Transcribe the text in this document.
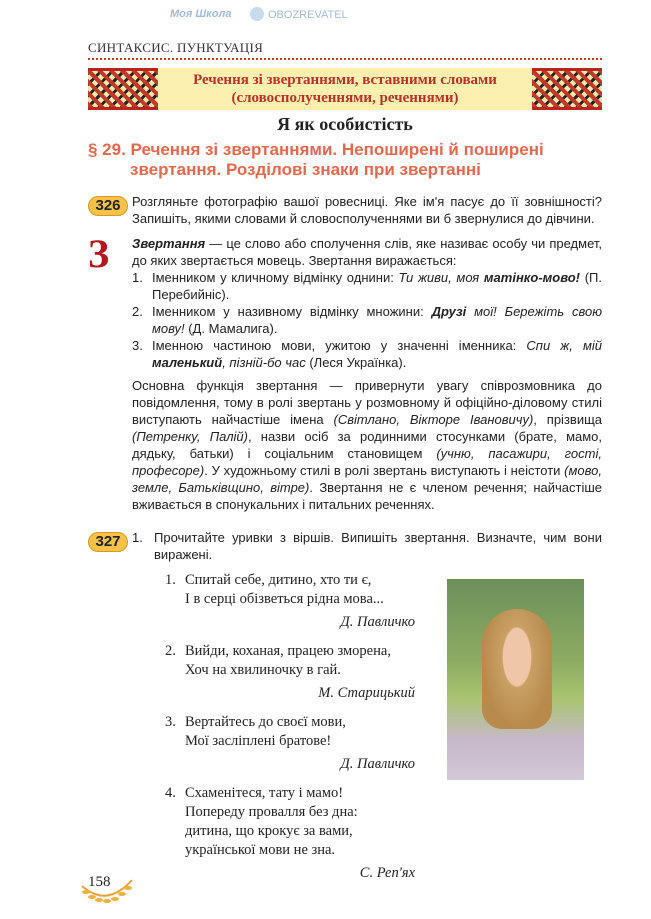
Моя Школа	OBOZREVATEL
СИНТАКСИС. ПУНКТУАЦІЯ
Речення зі звертаннями, вставними словами
(словосполученнями, реченнями)
Я як особистість
§ 29. Речення зі звертаннями. Непоширені й поширені
звертання. Розділові знаки при звертанні
326 Розгляньте фотографію вашої ровесниці. Яке ім'я пасує до її зовнішності? Запишіть, якими словами й словосполученнями ви б звернулися до дівчини.
З	Звертання — це слово або сполучення слів, яке називає особу чи предмет, до яких звертається мовець. Звертання виражається:
1. Іменником у кличному відмінку однини: Ти живи, моя матінко-мово! (П. Перебийніс).
2. Іменником у називному відмінку множини: Друзі мої! Бережіть свою мову! (Д. Мамалига).
3. Іменною частиною мови, ужитою у значенні іменника: Спи ж, мій маленький, пізній-бо час (Леся Українка).
Основна функція звертання — привернути увагу співрозмовника до повідомлення, тому в ролі звертань у розмовному й офіційно-діловому стилі виступають найчастіше імена (Світлано, Вікторе Івановичу), прізвища (Петренку, Палій), назви осіб за родинними стосунками (брате, мамо, дядьку, батьки) і соціальним становищем (учню, пасажири, гості, професоре). У художньому стилі в ролі звертань виступають і неістоти (мово, земле, Батьківщино, вітре). Звертання не є членом речення; найчастіше вживається в спонукальних і питальних реченнях.
327 1. Прочитайте уривки з віршів. Випишіть звертання. Визначте, чим вони виражені.
1. Спитай себе, дитино, хто ти є,
І в серці обізветься рідна мова...
Д. Павличко
2. Вийди, коханая, працею зморена,
Хоч на хвилиночку в гай.
М. Старицький
3. Вертайтесь до своєї мови,
Мої засліплені братове!
Д. Павличко
4. Схаменітеся, тату і мамо!
Попереду провалля без дна:
дитина, що крокує за вами,
української мови не зна.
С. Реп'ях
158
